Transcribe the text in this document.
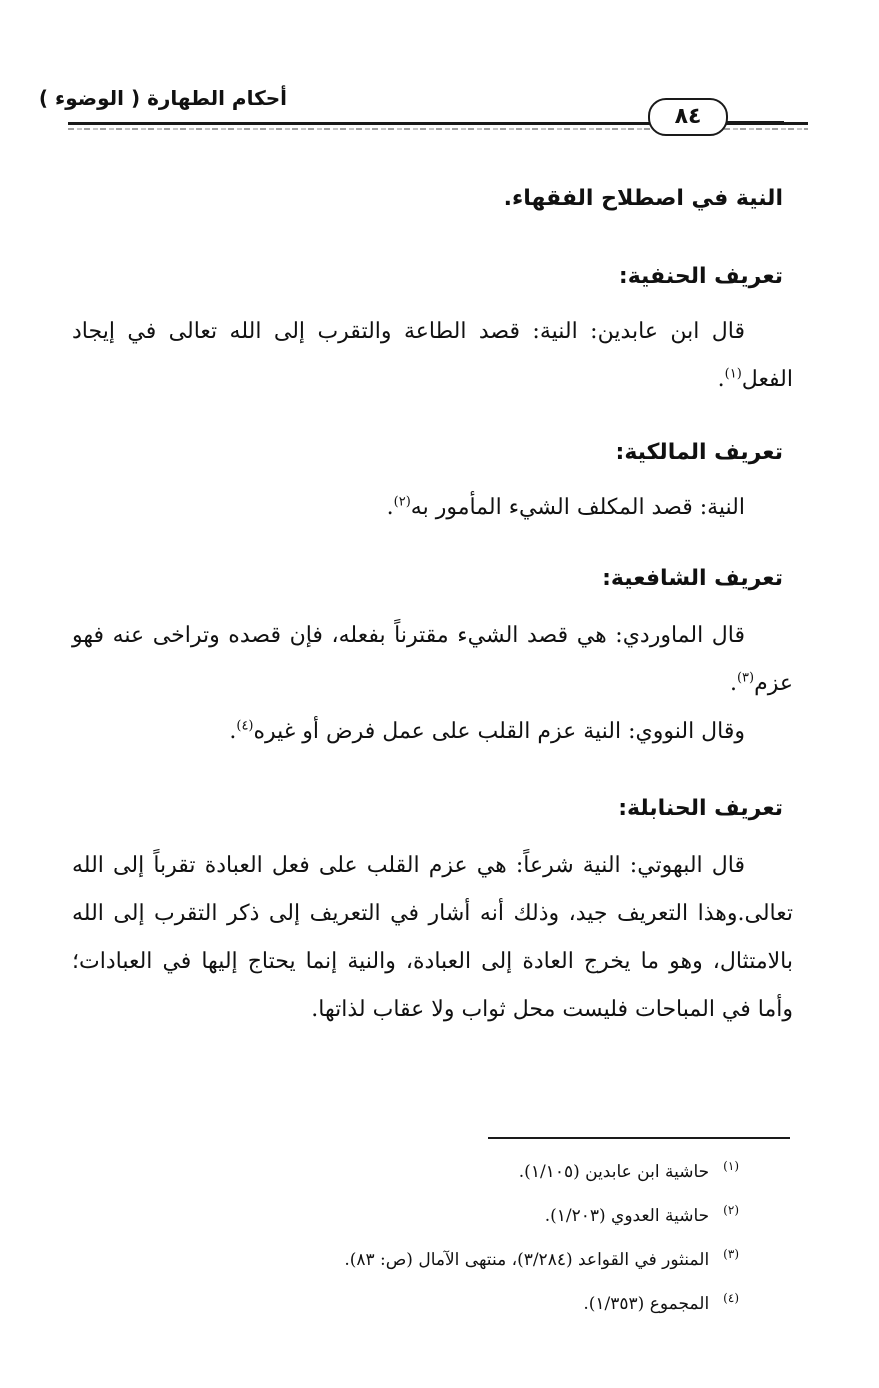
٨٤
أحكام الطهارة ( الوضوء )
النية في اصطلاح الفقهاء.
تعريف الحنفية:

قال ابن عابدين: النية: قصد الطاعة والتقرب إلى الله تعالى في إيجاد الفعل$^{(١)}$.

تعريف المالكية:

النية: قصد المكلف الشيء المأمور به$^{(٢)}$.

تعريف الشافعية:

قال الماوردي: هي قصد الشيء مقترناً بفعله، فإن قصده وتراخى عنه فهو عزم$^{(٣)}$.

وقال النووي: النية عزم القلب على عمل فرض أو غيره$^{(٤)}$.

تعريف الحنابلة:

قال البهوتي: النية شرعاً: هي عزم القلب على فعل العبادة تقرباً إلى الله تعالى.وهذا التعريف جيد، وذلك أنه أشار في التعريف إلى ذكر التقرب إلى الله بالامتثال، وهو ما يخرج العادة إلى العبادة، والنية إنما يحتاج إليها في العبادات؛ وأما في المباحات فليست محل ثواب ولا عقاب لذاتها.

$^{(١)}$حاشية ابن عابدين (١/١٠٥).
$^{(٢)}$حاشية العدوي (١/٢٠٣).
$^{(٣)}$المنثور في القواعد (٣/٢٨٤)، منتهى الآمال (ص: ٨٣).
$^{(٤)}$المجموع (١/٣٥٣).
